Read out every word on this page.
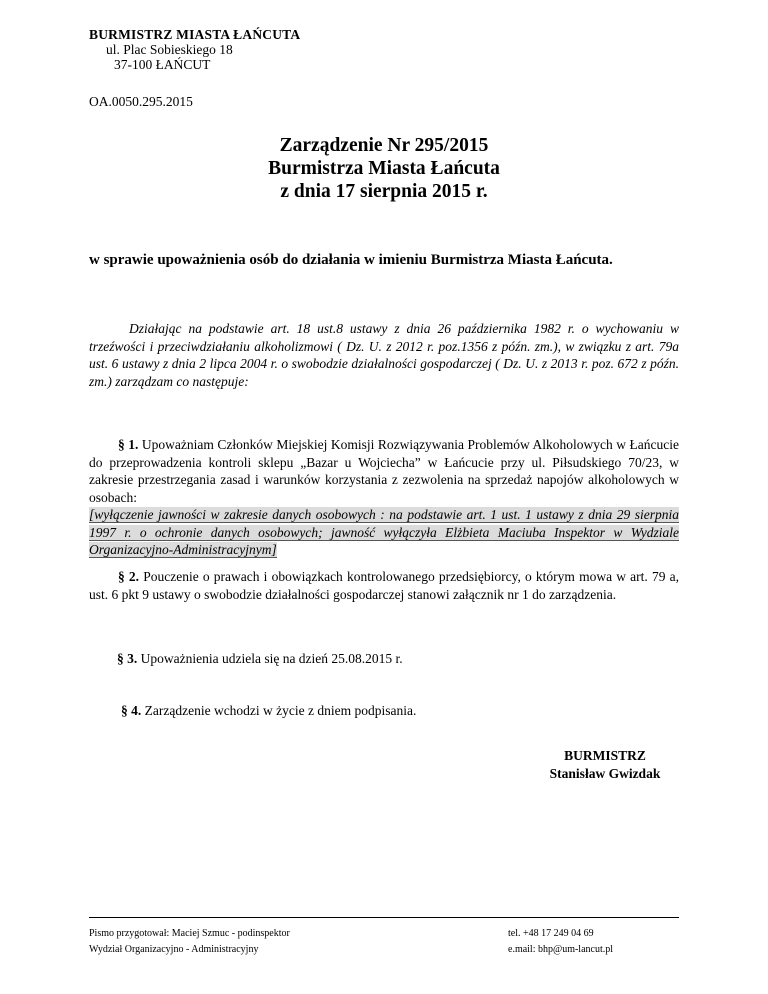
BURMISTRZ MIASTA ŁAŃCUTA
ul. Plac Sobieskiego 18
37-100 ŁAŃCUT
OA.0050.295.2015
Zarządzenie Nr 295/2015
Burmistrza Miasta Łańcuta
z dnia 17 sierpnia 2015 r.
w sprawie upoważnienia osób do działania w imieniu Burmistrza Miasta Łańcuta.
Działając na podstawie art. 18 ust.8 ustawy z dnia 26 października 1982 r. o wychowaniu w trzeźwości i przeciwdziałaniu alkoholizmowi ( Dz. U. z 2012 r. poz.1356 z późn. zm.), w związku z art. 79a ust. 6 ustawy z dnia 2 lipca 2004 r. o swobodzie działalności gospodarczej ( Dz. U. z 2013 r. poz. 672 z późn. zm.) zarządzam co następuje:
§ 1. Upoważniam Członków Miejskiej Komisji Rozwiązywania Problemów Alkoholowych w Łańcucie do przeprowadzenia kontroli sklepu „Bazar u Wojciecha” w Łańcucie przy ul. Piłsudskiego 70/23, w zakresie przestrzegania zasad i warunków korzystania z zezwolenia na sprzedaż napojów alkoholowych w osobach:
[wyłączenie jawności w zakresie danych osobowych : na podstawie art. 1 ust. 1 ustawy z dnia 29 sierpnia 1997 r. o ochronie danych osobowych; jawność wyłączyła Elżbieta Maciuba Inspektor w Wydziale Organizacyjno-Administracyjnym]
§ 2. Pouczenie o prawach i obowiązkach kontrolowanego przedsiębiorcy, o którym mowa w art. 79 a, ust. 6 pkt 9 ustawy o swobodzie działalności gospodarczej stanowi załącznik nr 1 do zarządzenia.
§ 3. Upoważnienia udziela się na dzień 25.08.2015 r.
§ 4. Zarządzenie wchodzi w życie z dniem podpisania.
BURMISTRZ
Stanisław Gwizdak
Pismo przygotował: Maciej Szmuc - podinspektor
Wydział Organizacyjno - Administracyjny
tel. +48 17 249 04 69
e.mail: bhp@um-lancut.pl
